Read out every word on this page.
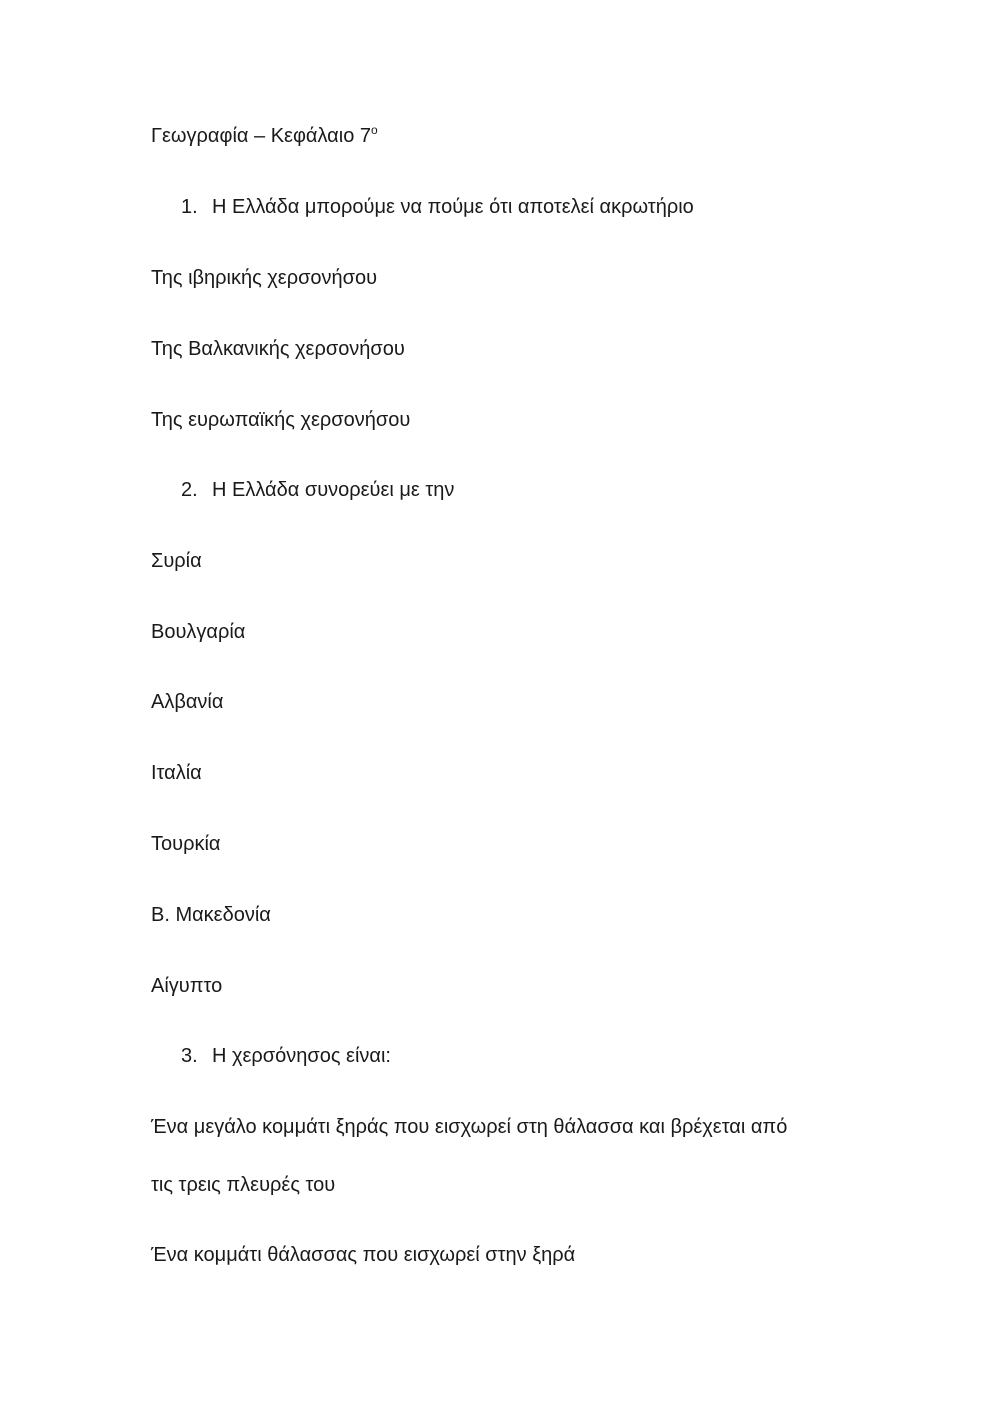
Γεωγραφία – Κεφάλαιο $7^o$
1. Η Ελλάδα μπορούμε να πούμε ότι αποτελεί ακρωτήριο
Της ιβηρικής χερσονήσου
Της Βαλκανικής χερσονήσου
Της ευρωπαϊκής χερσονήσου
2. Η Ελλάδα συνορεύει με την
Συρία
Βουλγαρία
Αλβανία
Ιταλία
Τουρκία
Β. Μακεδονία
Αίγυπτο
3. Η χερσόνησος είναι:
Ένα μεγάλο κομμάτι ξηράς που εισχωρεί στη θάλασσα και βρέχεται από
τις τρεις πλευρές του
Ένα κομμάτι θάλασσας που εισχωρεί στην ξηρά
